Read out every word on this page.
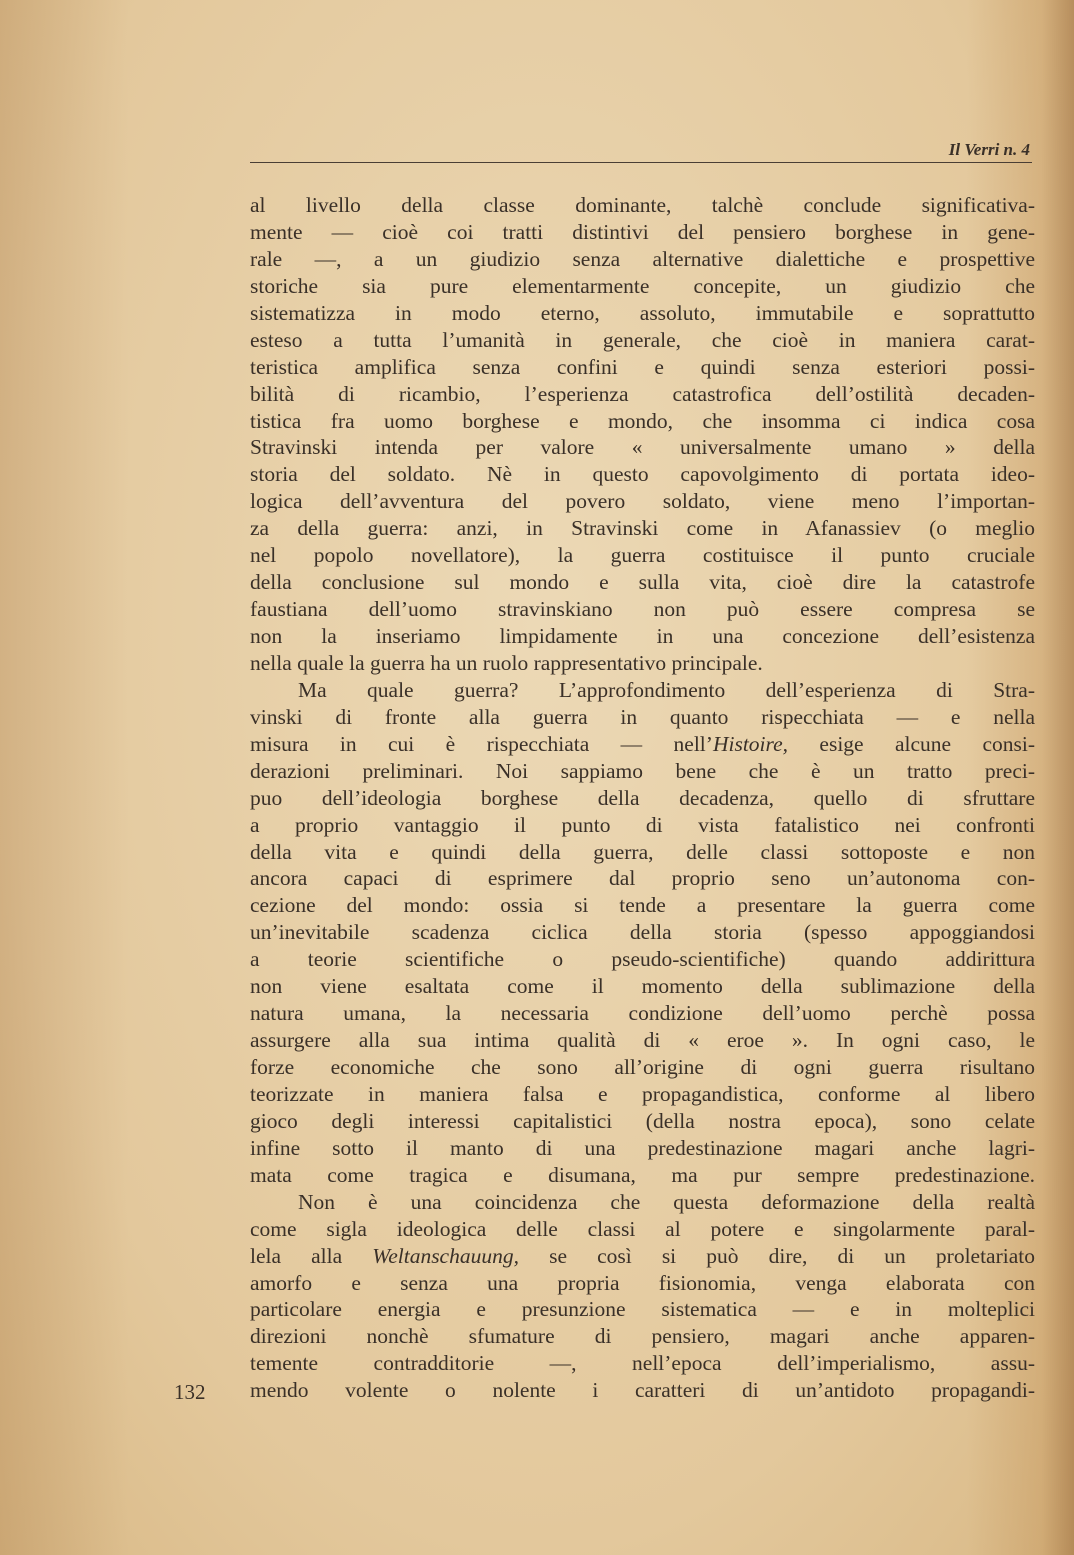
Il Verri n. 4
al livello della classe dominante, talchè conclude significativa-
mente — cioè coi tratti distintivi del pensiero borghese in gene-
rale —, a un giudizio senza alternative dialettiche e prospettive
storiche sia pure elementarmente concepite, un giudizio che
sistematizza in modo eterno, assoluto, immutabile e soprattutto
esteso a tutta l’umanità in generale, che cioè in maniera carat-
teristica amplifica senza confini e quindi senza esteriori possi-
bilità di ricambio, l’esperienza catastrofica dell’ostilità decaden-
tistica fra uomo borghese e mondo, che insomma ci indica cosa
Stravinski intenda per valore « universalmente umano » della
storia del soldato. Nè in questo capovolgimento di portata ideo-
logica dell’avventura del povero soldato, viene meno l’importan-
za della guerra: anzi, in Stravinski come in Afanassiev (o meglio
nel popolo novellatore), la guerra costituisce il punto cruciale
della conclusione sul mondo e sulla vita, cioè dire la catastrofe
faustiana dell’uomo stravinskiano non può essere compresa se
non la inseriamo limpidamente in una concezione dell’esistenza
nella quale la guerra ha un ruolo rappresentativo principale.
Ma quale guerra? L’approfondimento dell’esperienza di Stra-
vinski di fronte alla guerra in quanto rispecchiata — e nella
misura in cui è rispecchiata — nell’Histoire, esige alcune consi-
derazioni preliminari. Noi sappiamo bene che è un tratto preci-
puo dell’ideologia borghese della decadenza, quello di sfruttare
a proprio vantaggio il punto di vista fatalistico nei confronti
della vita e quindi della guerra, delle classi sottoposte e non
ancora capaci di esprimere dal proprio seno un’autonoma con-
cezione del mondo: ossia si tende a presentare la guerra come
un’inevitabile scadenza ciclica della storia (spesso appoggiandosi
a teorie scientifiche o pseudo-scientifiche) quando addirittura
non viene esaltata come il momento della sublimazione della
natura umana, la necessaria condizione dell’uomo perchè possa
assurgere alla sua intima qualità di « eroe ». In ogni caso, le
forze economiche che sono all’origine di ogni guerra risultano
teorizzate in maniera falsa e propagandistica, conforme al libero
gioco degli interessi capitalistici (della nostra epoca), sono celate
infine sotto il manto di una predestinazione magari anche lagri-
mata come tragica e disumana, ma pur sempre predestinazione.
Non è una coincidenza che questa deformazione della realtà
come sigla ideologica delle classi al potere e singolarmente paral-
lela alla Weltanschauung, se così si può dire, di un proletariato
amorfo e senza una propria fisionomia, venga elaborata con
particolare energia e presunzione sistematica — e in molteplici
direzioni nonchè sfumature di pensiero, magari anche apparen-
temente contradditorie —, nell’epoca dell’imperialismo, assu-
mendo volente o nolente i caratteri di un’antidoto propagandi-
132
